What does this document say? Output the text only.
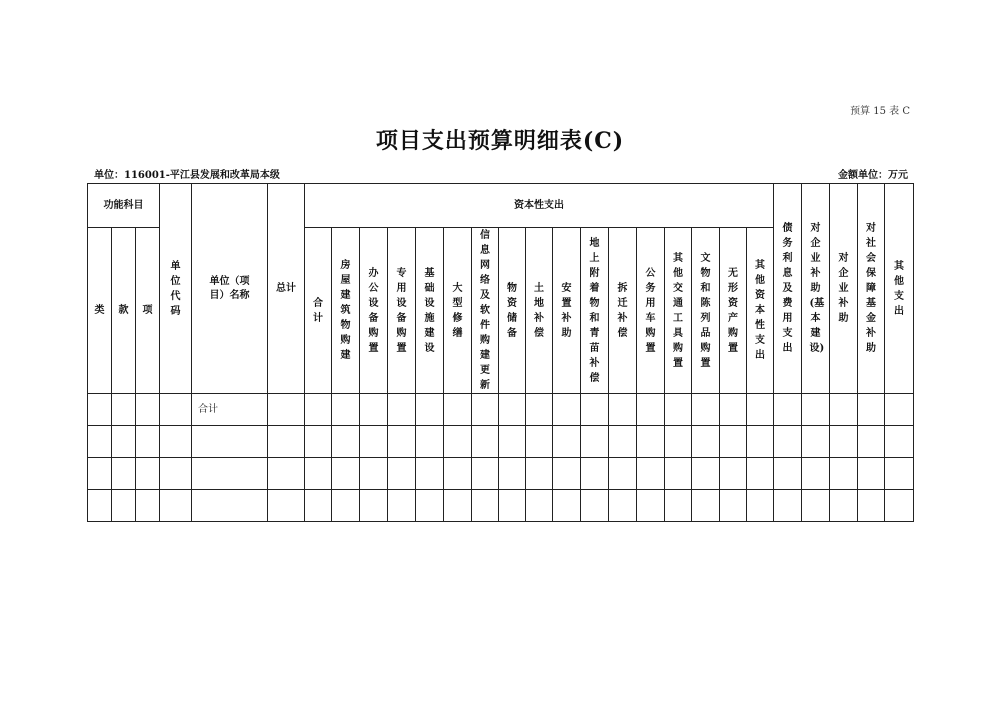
预算 15 表 C
项目支出预算明细表(C)
单位：116001-平江县发展和改革局本级	金额单位：万元
功能科目			单位代码	单位（项目）名称	总计	资本性支出																	债务利息及费用支出	对企业补助(基本建设)	对企业补助	对社会保障基金补助	其他支出
类	款	项				合计	房屋建筑物购建	办公设备购置	专用设备购置	基础设施建设	大型修缮	信息网络及软件购建更新	物资储备	土地补偿	安置补助	地上附着物和青苗补偿	拆迁补偿	公务用车购置	其他交通工具购置	文物和陈列品购置	无形资产购置	其他资本性支出					
				合计																							
